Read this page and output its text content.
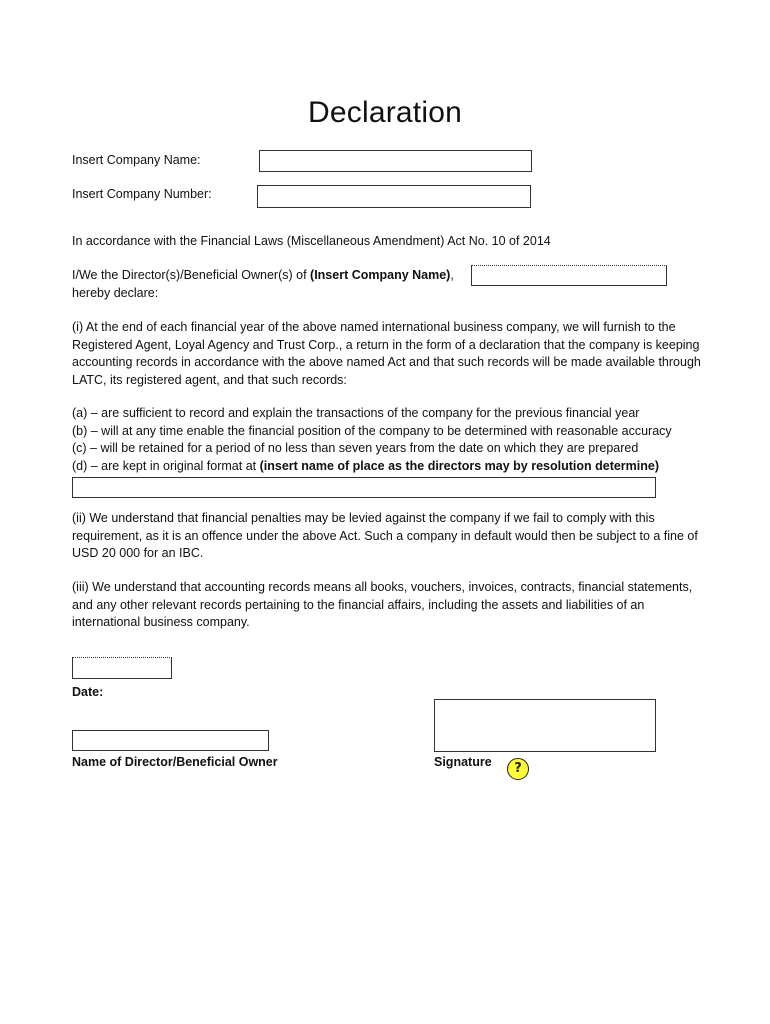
Declaration
Insert Company Name:
Insert Company Number:
In accordance with the Financial Laws (Miscellaneous Amendment) Act No. 10 of 2014
I/We the Director(s)/Beneficial Owner(s) of (Insert Company Name),
hereby declare:
(i) At the end of each financial year of the above named international business company, we will furnish to the Registered Agent, Loyal Agency and Trust Corp., a return in the form of a declaration that the company is keeping accounting records in accordance with the above named Act and that such records will be made available through LATC, its registered agent, and that such records:
(a) – are sufficient to record and explain the transactions of the company for the previous financial year
(b) – will at any time enable the financial position of the company to be determined with reasonable accuracy
(c) – will be retained for a period of no less than seven years from the date on which they are prepared
(d) – are kept in original format at (insert name of place as the directors may by resolution determine)
(ii) We understand that financial penalties may be levied against the company if we fail to comply with this requirement, as it is an offence under the above Act. Such a company in default would then be subject to a fine of USD 20 000 for an IBC.
(iii) We understand that accounting records means all books, vouchers, invoices, contracts, financial statements, and any other relevant records pertaining to the financial affairs, including the assets and liabilities of an international business company.
Date:
Name of Director/Beneficial Owner	Signature	?
